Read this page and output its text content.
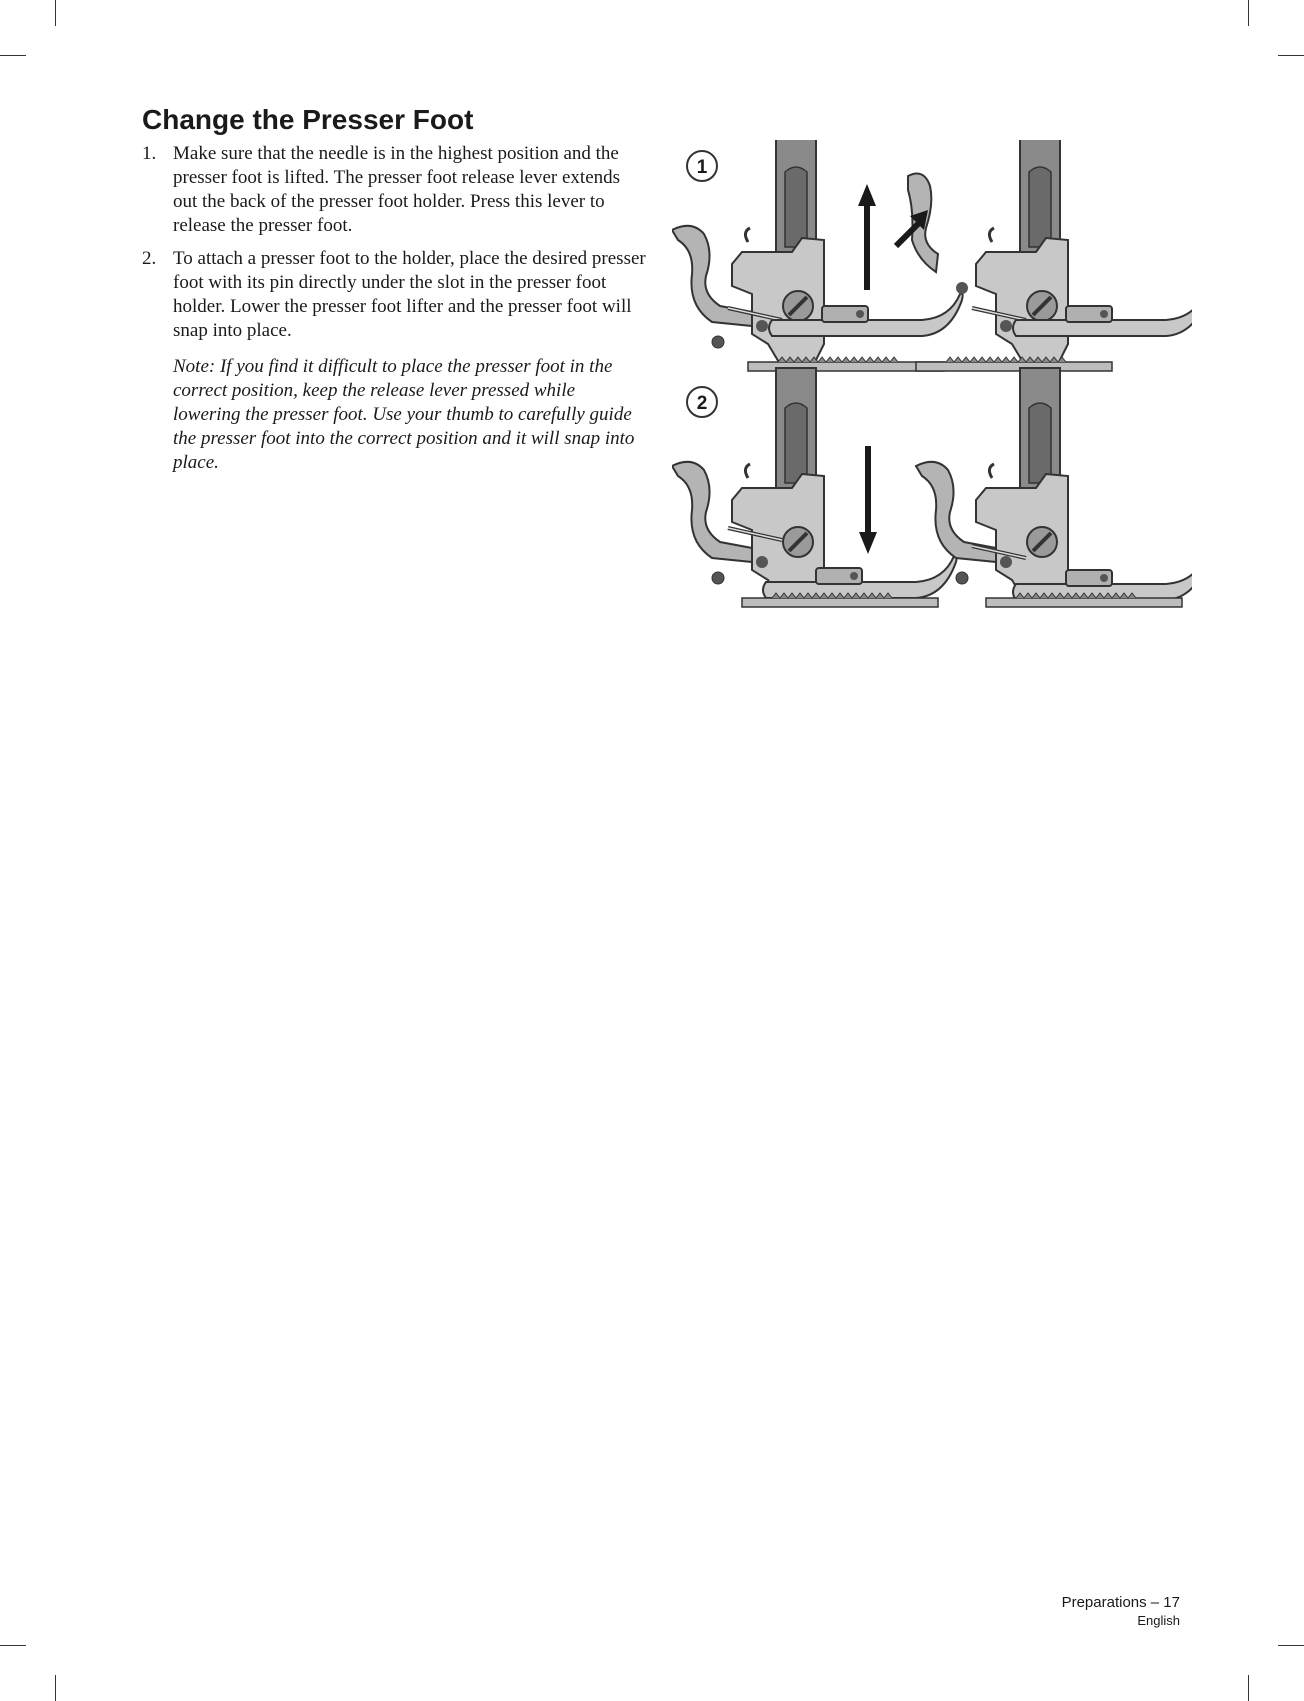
Change the Presser Foot
1. Make sure that the needle is in the highest position and the presser foot is lifted. The presser foot release lever extends out the back of the presser foot holder. Press this lever to release the presser foot.
2. To attach a presser foot to the holder, place the desired presser foot with its pin directly under the slot in the presser foot holder. Lower the presser foot lifter and the presser foot will snap into place.
Note: If you find it difficult to place the presser foot in the correct position, keep the release lever pressed while lowering the presser foot. Use your thumb to carefully guide the presser foot into the correct position and it will snap into place.
1
2
Preparations – 17
English
